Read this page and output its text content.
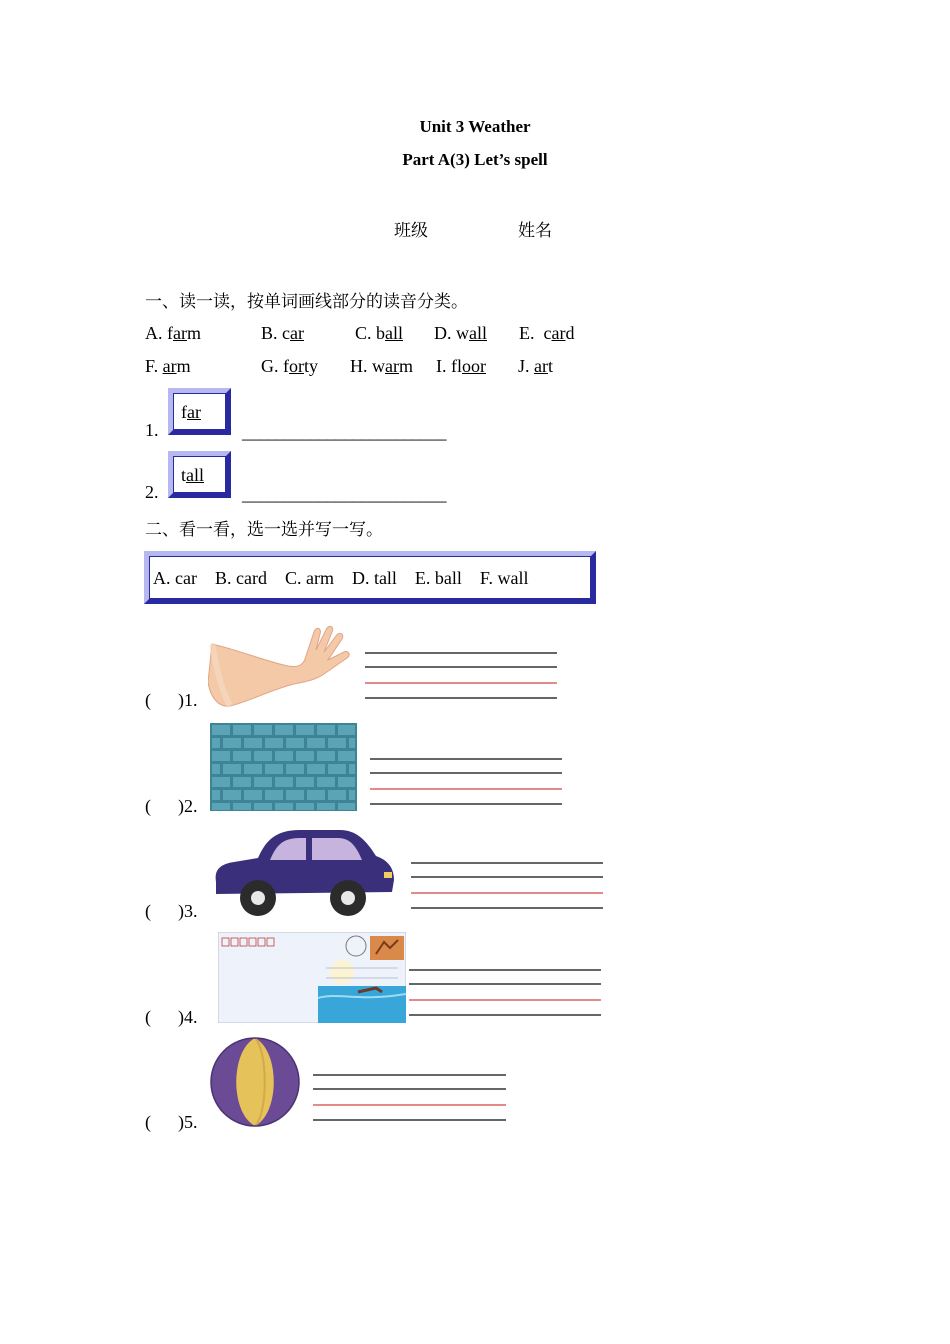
Unit 3 Weather
Part A(3) Let’s spell
班级	姓名
一、读一读，按单词画线部分的读音分类。
A. farm	B. car	C. ball D. wall E. card
F. arm	G. forty H. warm I. floor J. art
1.
far
________________________
2.
tall
________________________
二、看一看，选一选并写一写。
A. car    B. card    C. arm    D. tall    E. ball    F. wall
(      )1.
(      )2.
(      )3.
(      )4.
(      )5.
